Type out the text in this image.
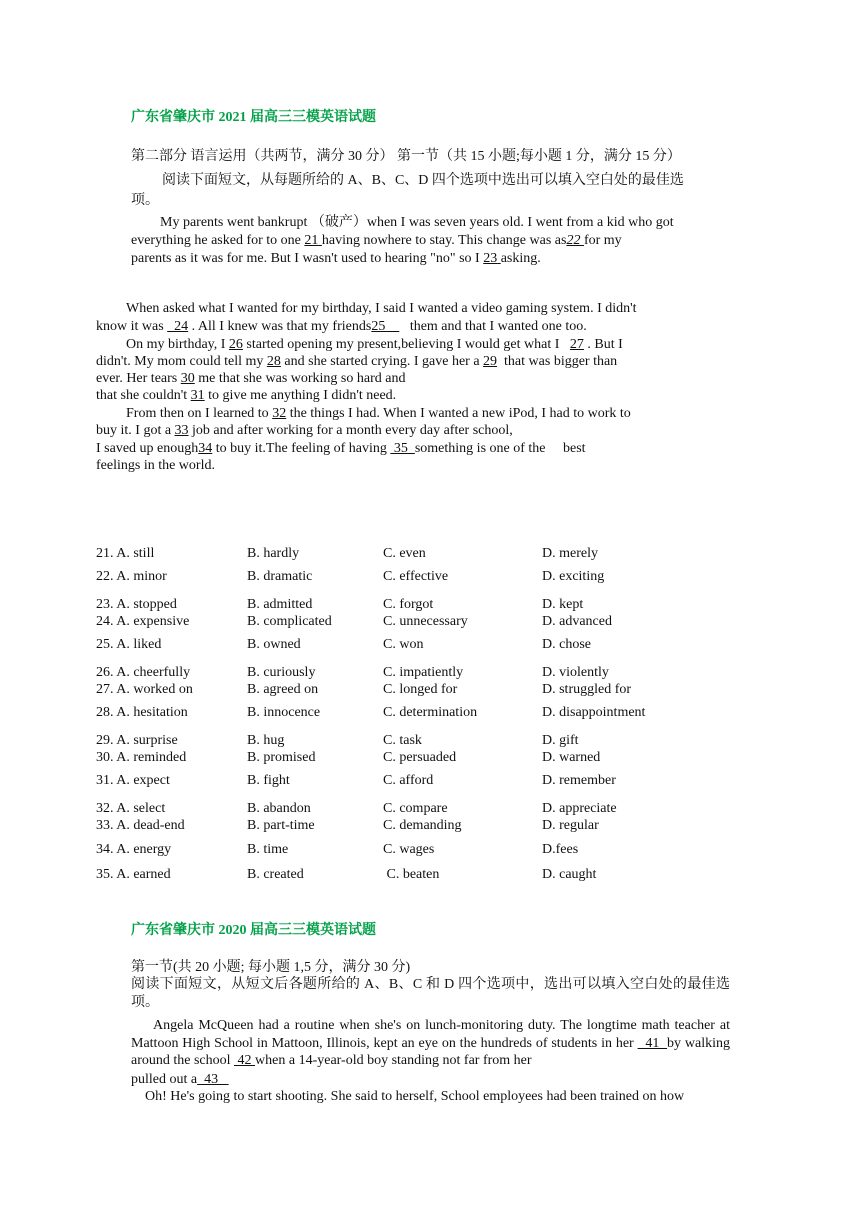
广东省肇庆市 2021 届高三三模英语试题
第二部分 语言运用（共两节，满分 30 分） 第一节（共 15 小题;每小题 1 分，满分 15 分）
阅读下面短文，从每题所给的 A、B、C、D 四个选项中选出可以填入空白处的最佳选
项。
My parents went bankrupt （破产）when I was seven years old. I went from a kid who got
everything he asked for to one 21 having nowhere to stay. This change was as22 for my
parents as it was for me. But I wasn't used to hearing "no" so I 23 asking.
When asked what I wanted for my birthday, I said I wanted a video gaming system. I didn't
know it was   24 . All I knew was that my friends25       them and that I wanted one too.
On my birthday, I 26 started opening my present,believing I would get what I   27 . But I
didn't. My mom could tell my 28 and she started crying. I gave her a 29  that was bigger than
ever. Her tears 30 me that she was working so hard and
that she couldn't 31 to give me anything I didn't need.
From then on I learned to 32 the things I had. When I wanted a new iPod, I had to work to
buy it. I got a 33 job and after working for a month every day after school,
I saved up enough34 to buy it.The feeling of having  35  something is one of the     best
feelings in the world.
21. A. still	B. hardly	C. even	D. merely
22. A. minor	B. dramatic	C. effective	D. exciting
23. A. stopped	B. admitted	C. forgot	D. kept
24. A. expensive	B. complicated	C. unnecessary	D. advanced
25. A. liked	B. owned	C. won	D. chose
26. A. cheerfully	B. curiously	C. impatiently	D. violently
27. A. worked on	B. agreed on	C. longed for	D. struggled for
28. A. hesitation	B. innocence	C. determination	D. disappointment
29. A. surprise	B. hug	C. task	D. gift
30. A. reminded	B. promised	C. persuaded	D. warned
31. A. expect	B. fight	C. afford	D. remember
32. A. select	B. abandon	C. compare	D. appreciate
33. A. dead-end	B. part-time	C. demanding	D. regular
34. A. energy	B. time	C. wages	D.fees
35. A. earned	B. created	C. beaten	D. caught
广东省肇庆市 2020 届高三三模英语试题
第一节(共 20 小题; 每小题 1,5 分，满分 30 分)
阅读下面短文，从短文后各题所给的 A、B、C 和 D 四个选项中，选出可以填入空白处的最佳选项。
Angela McQueen had a routine when she's on lunch-monitoring duty. The longtime math teacher at Mattoon High School in Mattoon, Illinois, kept an eye on the hundreds of students in her   41  by walking around the school  42 when a 14-year-old boy standing not far from her
pulled out a  43
Oh! He's going to start shooting. She said to herself, School employees had been trained on how
